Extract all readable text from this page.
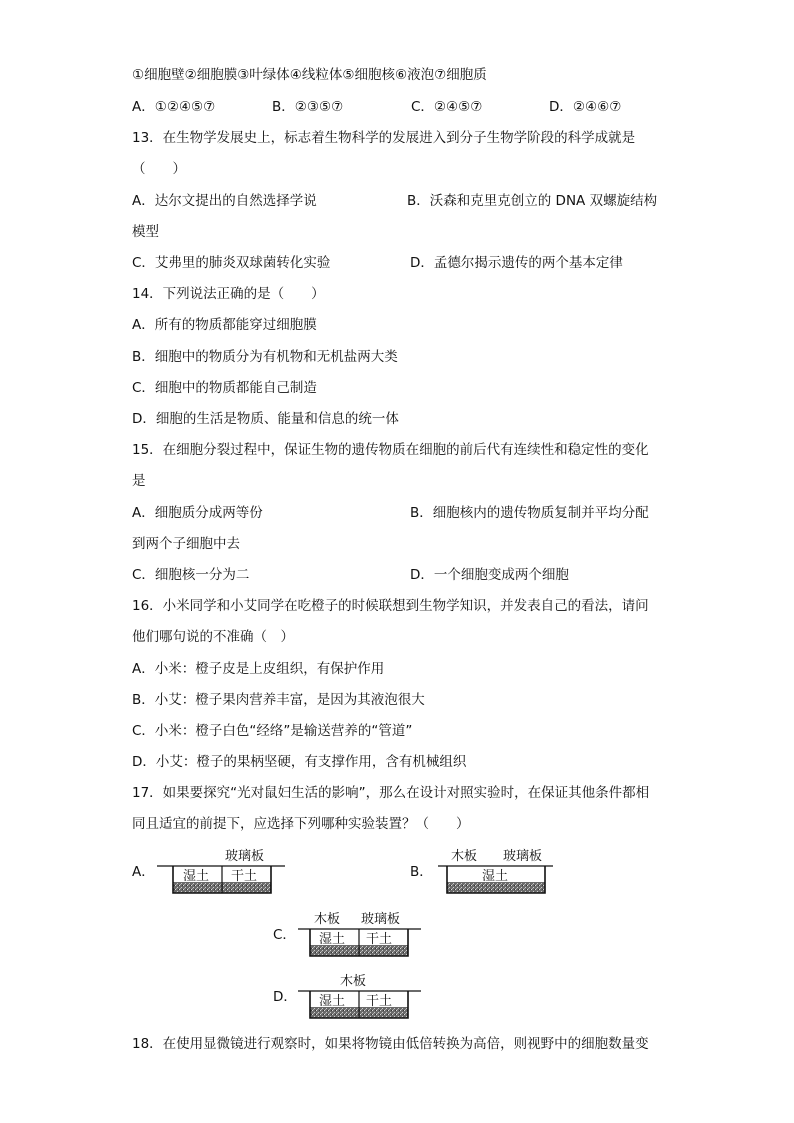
①细胞壁②细胞膜③叶绿体④线粒体⑤细胞核⑥液泡⑦细胞质
A．①②④⑤⑦	B．②③⑤⑦	C．②④⑤⑦	D．②④⑥⑦
13．在生物学发展史上，标志着生物科学的发展进入到分子生物学阶段的科学成就是
（　　）
A．达尔文提出的自然选择学说	B．沃森和克里克创立的 DNA 双螺旋结构
模型
C．艾弗里的肺炎双球菌转化实验	D．孟德尔揭示遗传的两个基本定律
14．下列说法正确的是（　　）
A．所有的物质都能穿过细胞膜
B．细胞中的物质分为有机物和无机盐两大类
C．细胞中的物质都能自己制造
D．细胞的生活是物质、能量和信息的统一体
15．在细胞分裂过程中，保证生物的遗传物质在细胞的前后代有连续性和稳定性的变化
是
A．细胞质分成两等份	B．细胞核内的遗传物质复制并平均分配
到两个子细胞中去
C．细胞核一分为二	D．一个细胞变成两个细胞
16．小米同学和小艾同学在吃橙子的时候联想到生物学知识，并发表自己的看法，请问
他们哪句说的不准确（　）
A．小米：橙子皮是上皮组织，有保护作用
B．小艾：橙子果肉营养丰富，是因为其液泡很大
C．小米：橙子白色“经络”是输送营养的“管道”
D．小艾：橙子的果柄坚硬，有支撑作用，含有机械组织
17．如果要探究“光对鼠妇生活的影响”，那么在设计对照实验时，在保证其他条件都相
同且适宜的前提下，应选择下列哪种实验装置？（　　）
A．
玻璃板
湿土 干土	B．
木板 玻璃板
湿土
C．
木板 玻璃板
湿土 干土
D．
木板
湿土 干土
18．在使用显微镜进行观察时，如果将物镜由低倍转换为高倍，则视野中的细胞数量变
